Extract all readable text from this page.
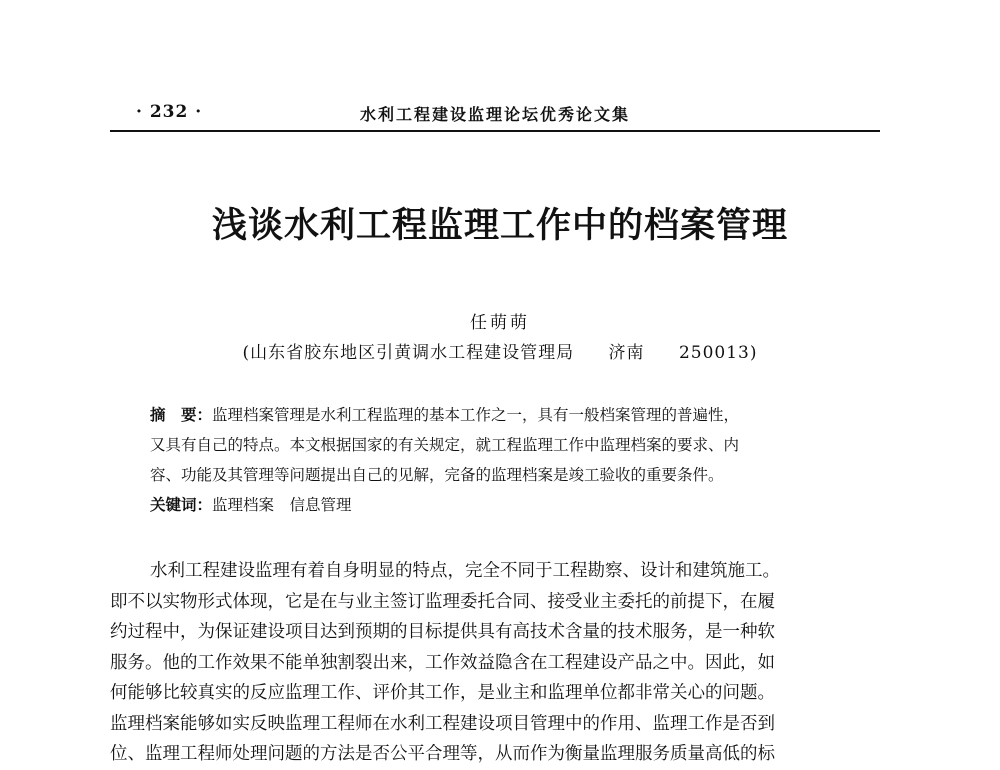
· 232 ·	水利工程建设监理论坛优秀论文集
浅谈水利工程监理工作中的档案管理
任萌萌
(山东省胶东地区引黄调水工程建设管理局 济南 250013)
摘　要：监理档案管理是水利工程监理的基本工作之一，具有一般档案管理的普遍性，
又具有自己的特点。本文根据国家的有关规定，就工程监理工作中监理档案的要求、内
容、功能及其管理等问题提出自己的见解，完备的监理档案是竣工验收的重要条件。
关键词：监理档案　信息管理
水利工程建设监理有着自身明显的特点，完全不同于工程勘察、设计和建筑施工。
即不以实物形式体现，它是在与业主签订监理委托合同、接受业主委托的前提下，在履
约过程中，为保证建设项目达到预期的目标提供具有高技术含量的技术服务，是一种软
服务。他的工作效果不能单独割裂出来，工作效益隐含在工程建设产品之中。因此，如
何能够比较真实的反应监理工作、评价其工作，是业主和监理单位都非常关心的问题。
监理档案能够如实反映监理工程师在水利工程建设项目管理中的作用、监理工作是否到
位、监理工程师处理问题的方法是否公平合理等，从而作为衡量监理服务质量高低的标
